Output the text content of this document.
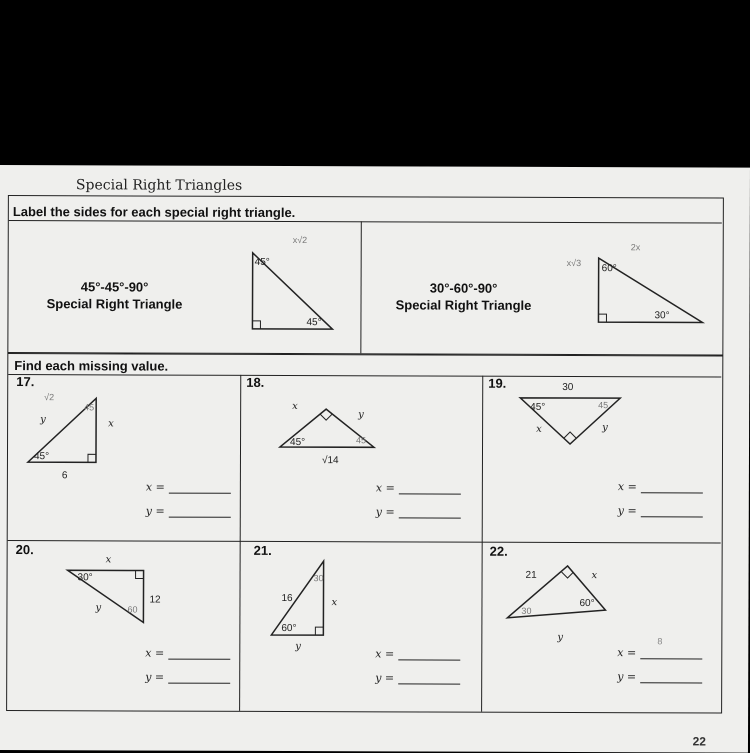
Special Right Triangles
Label the sides for each special right triangle.
45°-45°-90°
Special Right Triangle
45°
45°
x√2
30°-60°-90°
Special Right Triangle
60°
30°
x√3
2x
Find each missing value.
17.
45°
6
y	x
√2
45
x =
y =
18.
x
y
45°	45
√14
x =
y =
19.	30
45°	45
x	y
x =
y =
20.
x
30°
12
y	60
x =
y =
21.
16	x
60°
y
30
x =
y =
22.
21	x
60°
y
30
x =
8
y =
22
